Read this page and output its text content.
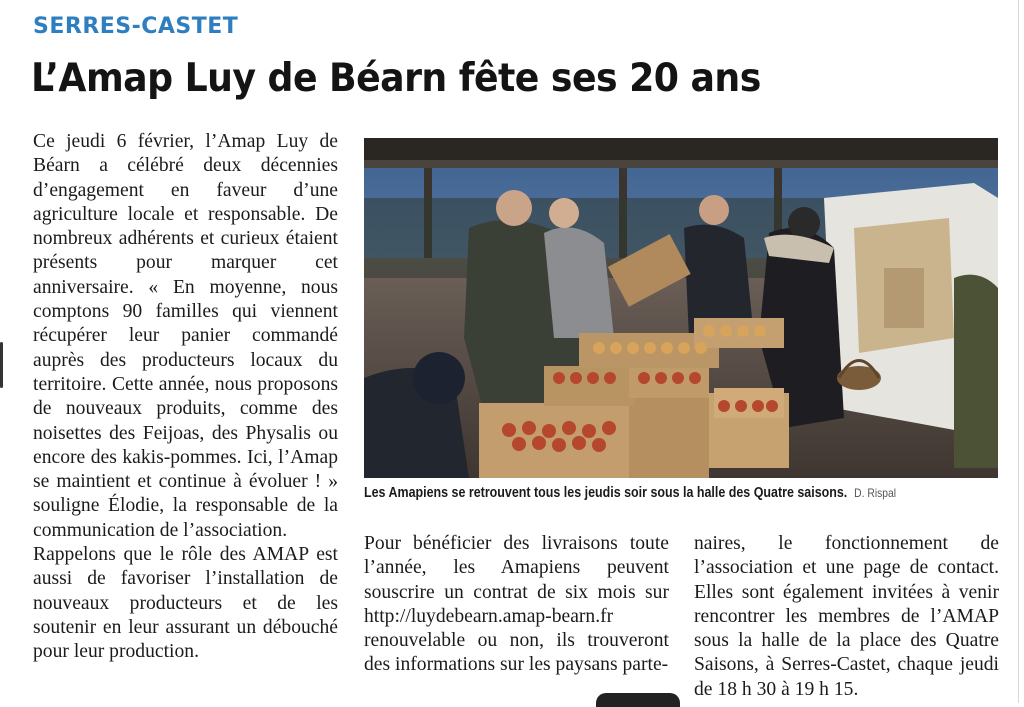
SERRES-CASTET
L’Amap Luy de Béarn fête ses 20 ans

Ce jeudi 6 février, l’Amap Luy de Béarn a célébré deux décennies d’engagement en faveur d’une agriculture locale et responsable. De nombreux adhérents et curieux étaient présents pour marquer cet anniversaire. « En moyenne, nous comptons 90 familles qui viennent récupérer leur panier commandé auprès des producteurs locaux du territoire. Cette année, nous proposons de nouveaux produits, comme des noisettes des Feijoas, des Physalis ou encore des kakis-pommes. Ici, l’Amap se maintient et continue à évoluer ! » souligne Élodie, la responsable de la communication de l’association.

Rappelons que le rôle des AMAP est aussi de favoriser l’installation de nouveaux producteurs et de les soutenir en leur assurant un débouché pour leur production.

Les Amapiens se retrouvent tous les jeudis soir sous la halle des Quatre saisons. D. Rispal

Pour bénéficier des livraisons toute l’année, les Amapiens peuvent souscrire un contrat de six mois sur http://luydebearn.amap-bearn.fr renouvelable ou non, ils trouveront des informations sur les paysans parte-

naires, le fonctionnement de l’association et une page de contact. Elles sont également invitées à venir rencontrer les membres de l’AMAP sous la halle de la place des Quatre Saisons, à Serres-Castet, chaque jeudi de 18 h 30 à 19 h 15.
